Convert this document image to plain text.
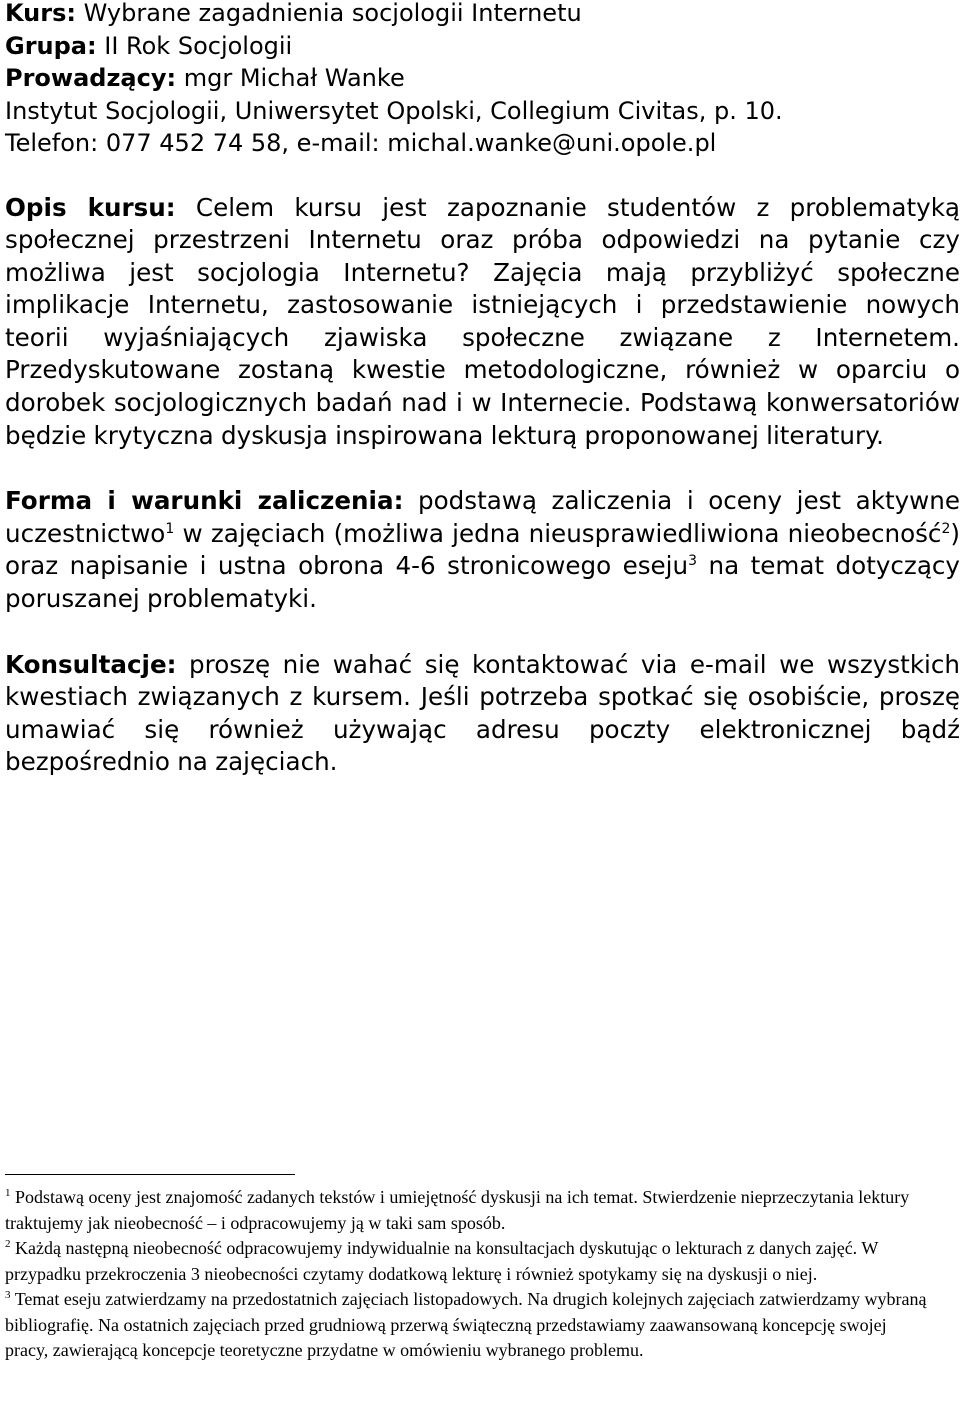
Kurs: Wybrane zagadnienia socjologii Internetu

Grupa: II Rok Socjologii

Prowadzący: mgr Michał Wanke

Instytut Socjologii, Uniwersytet Opolski, Collegium Civitas, p. 10.

Telefon: 077 452 74 58, e-mail: michal.wanke@uni.opole.pl

Opis kursu: Celem kursu jest zapoznanie studentów z problematyką społecznej przestrzeni Internetu oraz próba odpowiedzi na pytanie czy możliwa jest socjologia Internetu? Zajęcia mają przybliżyć społeczne implikacje Internetu, zastosowanie istniejących i przedstawienie nowych teorii wyjaśniających zjawiska społeczne związane z Internetem. Przedyskutowane zostaną kwestie metodologiczne, również w oparciu o dorobek socjologicznych badań nad i w Internecie. Podstawą konwersatoriów będzie krytyczna dyskusja inspirowana lekturą proponowanej literatury.

Forma i warunki zaliczenia: podstawą zaliczenia i oceny jest aktywne uczestnictwo$^1$ w zajęciach (możliwa jedna nieusprawiedliwiona nieobecność$^2$) oraz napisanie i ustna obrona 4-6 stronicowego eseju$^3$ na temat dotyczący poruszanej problematyki.

Konsultacje: proszę nie wahać się kontaktować via e-mail we wszystkich kwestiach związanych z kursem. Jeśli potrzeba spotkać się osobiście, proszę umawiać się również używając adresu poczty elektronicznej bądź bezpośrednio na zajęciach.

$^1$ Podstawą oceny jest znajomość zadanych tekstów i umiejętność dyskusji na ich temat. Stwierdzenie nieprzeczytania lektury traktujemy jak nieobecność – i odpracowujemy ją w taki sam sposób.

$^2$ Każdą następną nieobecność odpracowujemy indywidualnie na konsultacjach dyskutując o lekturach z danych zajęć. W przypadku przekroczenia 3 nieobecności czytamy dodatkową lekturę i również spotykamy się na dyskusji o niej.

$^3$ Temat eseju zatwierdzamy na przedostatnich zajęciach listopadowych. Na drugich kolejnych zajęciach zatwierdzamy wybraną bibliografię. Na ostatnich zajęciach przed grudniową przerwą świąteczną przedstawiamy zaawansowaną koncepcję swojej pracy, zawierającą koncepcje teoretyczne przydatne w omówieniu wybranego problemu.
